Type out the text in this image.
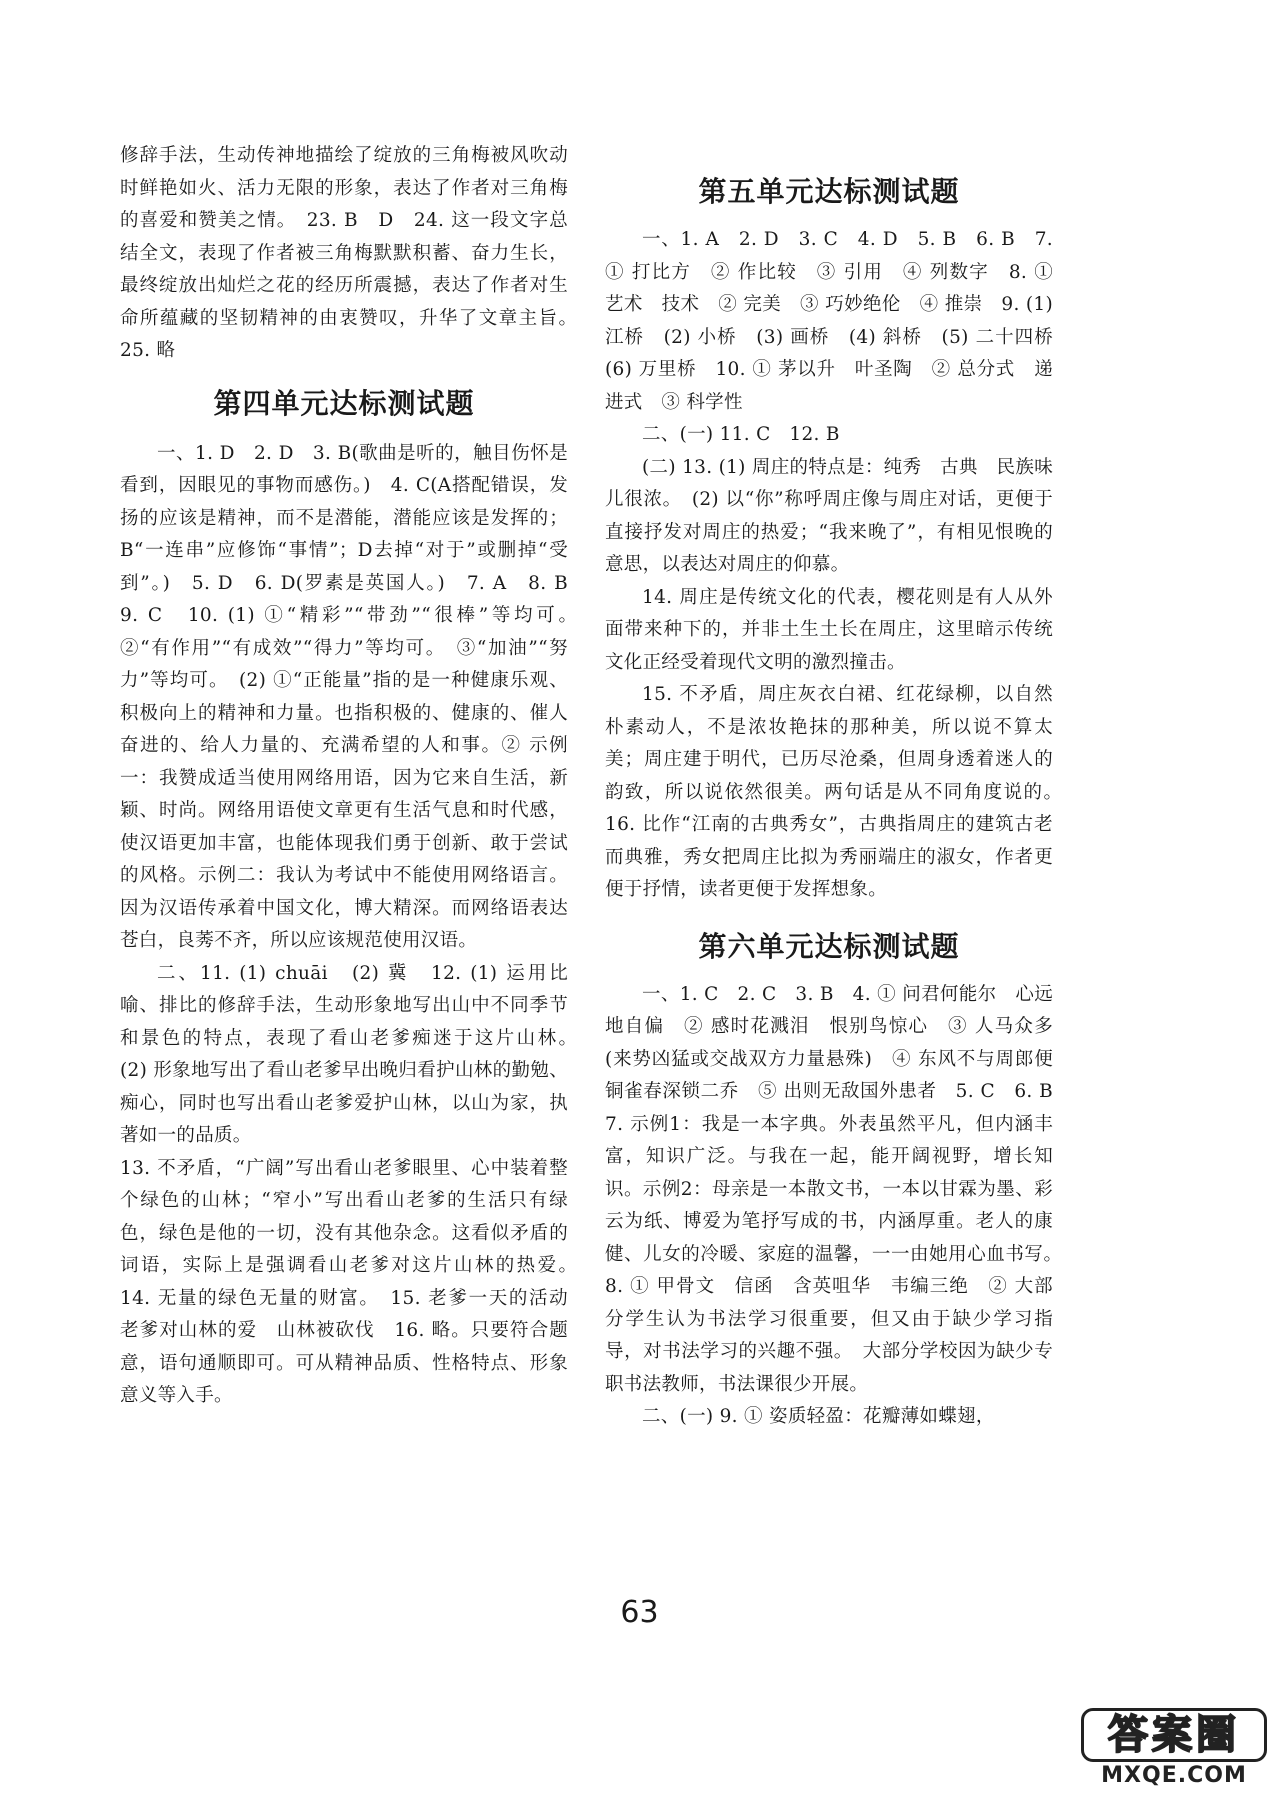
修辞手法，生动传神地描绘了绽放的三角梅被风吹动时鲜艳如火、活力无限的形象，表达了作者对三角梅的喜爱和赞美之情。　23. B　D　24. 这一段文字总结全文，表现了作者被三角梅默默积蓄、奋力生长，最终绽放出灿烂之花的经历所震撼，表达了作者对生命所蕴藏的坚韧精神的由衷赞叹，升华了文章主旨。　25. 略

第四单元达标测试题

一、1. D　2. D　3. B(歌曲是听的，触目伤怀是看到，因眼见的事物而感伤。)　4. C(A搭配错误，发扬的应该是精神，而不是潜能，潜能应该是发挥的；B“一连串”应修饰“事情”；D去掉“对于”或删掉“受到”。)　5. D　6. D(罗素是英国人。)　7. A　8. B　9. C　10. (1) ①“精彩”“带劲”“很棒”等均可。　②“有作用”“有成效”“得力”等均可。　③“加油”“努力”等均可。　(2) ①“正能量”指的是一种健康乐观、积极向上的精神和力量。也指积极的、健康的、催人奋进的、给人力量的、充满希望的人和事。② 示例一：我赞成适当使用网络用语，因为它来自生活，新颖、时尚。网络用语使文章更有生活气息和时代感，使汉语更加丰富，也能体现我们勇于创新、敢于尝试的风格。示例二：我认为考试中不能使用网络语言。因为汉语传承着中国文化，博大精深。而网络语表达苍白，良莠不齐，所以应该规范使用汉语。

二、11. (1) chuāi　(2) 冀　12. (1) 运用比喻、排比的修辞手法，生动形象地写出山中不同季节和景色的特点，表现了看山老爹痴迷于这片山林。　(2) 形象地写出了看山老爹早出晚归看护山林的勤勉、痴心，同时也写出看山老爹爱护山林，以山为家，执著如一的品质。

13. 不矛盾，“广阔”写出看山老爹眼里、心中装着整个绿色的山林；“窄小”写出看山老爹的生活只有绿色，绿色是他的一切，没有其他杂念。这看似矛盾的词语，实际上是强调看山老爹对这片山林的热爱。　14. 无量的绿色无量的财富。　15. 老爹一天的活动　老爹对山林的爱　山林被砍伐　16. 略。只要符合题意，语句通顺即可。可从精神品质、性格特点、形象意义等入手。

第五单元达标测试题

一、1. A　2. D　3. C　4. D　5. B　6. B　7. ① 打比方　② 作比较　③ 引用　④ 列数字　8. ① 艺术　技术　② 完美　③ 巧妙绝伦　④ 推崇　9. (1) 江桥　(2) 小桥　(3) 画桥　(4) 斜桥　(5) 二十四桥　(6) 万里桥　10. ① 茅以升　叶圣陶　② 总分式　递进式　③ 科学性

二、(一) 11. C　12. B

(二) 13. (1) 周庄的特点是：纯秀　古典　民族味儿很浓。　(2) 以“你”称呼周庄像与周庄对话，更便于直接抒发对周庄的热爱；“我来晚了”，有相见恨晚的意思，以表达对周庄的仰慕。

14. 周庄是传统文化的代表，樱花则是有人从外面带来种下的，并非土生土长在周庄，这里暗示传统文化正经受着现代文明的激烈撞击。

15. 不矛盾，周庄灰衣白裙、红花绿柳，以自然朴素动人，不是浓妆艳抹的那种美，所以说不算太美；周庄建于明代，已历尽沧桑，但周身透着迷人的韵致，所以说依然很美。两句话是从不同角度说的。　16. 比作“江南的古典秀女”，古典指周庄的建筑古老而典雅，秀女把周庄比拟为秀丽端庄的淑女，作者更便于抒情，读者更便于发挥想象。

第六单元达标测试题

一、1. C　2. C　3. B　4. ① 问君何能尔　心远地自偏　② 感时花溅泪　恨别鸟惊心　③ 人马众多(来势凶猛或交战双方力量悬殊)　④ 东风不与周郎便　铜雀春深锁二乔　⑤ 出则无敌国外患者　5. C　6. B　7. 示例1：我是一本字典。外表虽然平凡，但内涵丰富，知识广泛。与我在一起，能开阔视野，增长知识。示例2：母亲是一本散文书，一本以甘霖为墨、彩云为纸、博爱为笔抒写成的书，内涵厚重。老人的康健、儿女的冷暖、家庭的温馨，一一由她用心血书写。　8. ① 甲骨文　信函　含英咀华　韦编三绝　② 大部分学生认为书法学习很重要，但又由于缺少学习指导，对书法学习的兴趣不强。　大部分学校因为缺少专职书法教师，书法课很少开展。

二、(一) 9. ① 姿质轻盈：花瓣薄如蝶翅，

63
答案圈
MXQE.COM
